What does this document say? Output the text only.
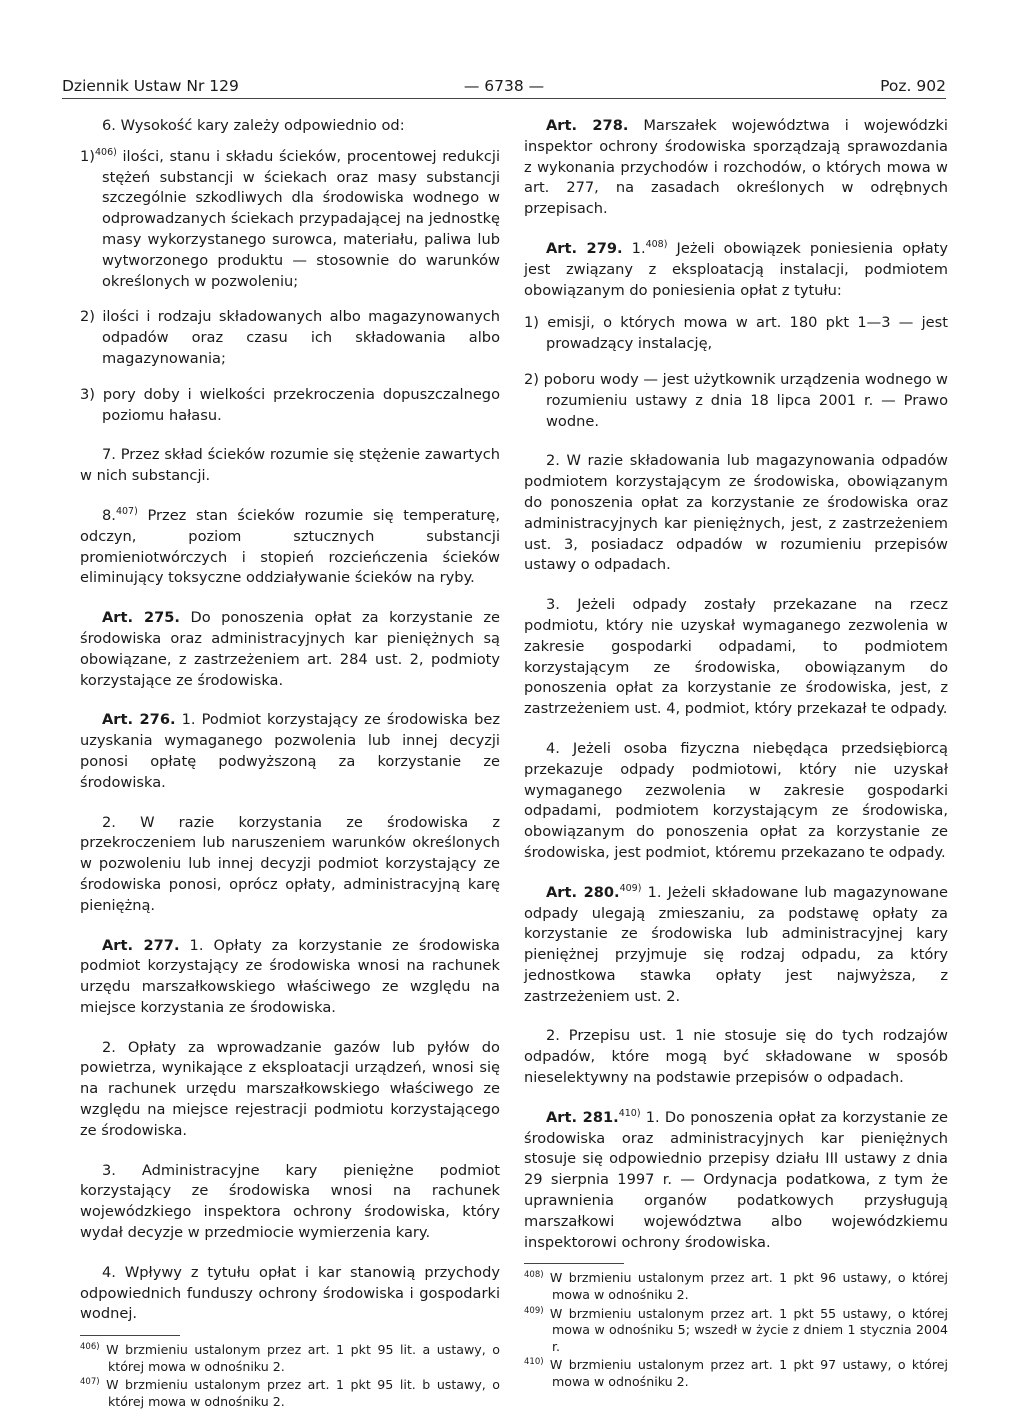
Dziennik Ustaw Nr 129	— 6738 —	Poz. 902

6. Wysokość kary zależy odpowiednio od:

1)$^{406)}$ ilości, stanu i składu ścieków, procentowej redukcji stężeń substancji w ściekach oraz masy substancji szczególnie szkodliwych dla środowiska wodnego w odprowadzanych ściekach przypadającej na jednostkę masy wykorzystanego surowca, materiału, paliwa lub wytworzonego produktu — stosownie do warunków określonych w pozwoleniu;

2) ilości i rodzaju składowanych albo magazynowanych odpadów oraz czasu ich składowania albo magazynowania;

3) pory doby i wielkości przekroczenia dopuszczalnego poziomu hałasu.

7. Przez skład ścieków rozumie się stężenie zawartych w nich substancji.

8.$^{407)}$ Przez stan ścieków rozumie się temperaturę, odczyn, poziom sztucznych substancji promieniotwórczych i stopień rozcieńczenia ścieków eliminujący toksyczne oddziaływanie ścieków na ryby.

Art. 275. Do ponoszenia opłat za korzystanie ze środowiska oraz administracyjnych kar pieniężnych są obowiązane, z zastrzeżeniem art. 284 ust. 2, podmioty korzystające ze środowiska.

Art. 276. 1. Podmiot korzystający ze środowiska bez uzyskania wymaganego pozwolenia lub innej decyzji ponosi opłatę podwyższoną za korzystanie ze środowiska.

2. W razie korzystania ze środowiska z przekroczeniem lub naruszeniem warunków określonych w pozwoleniu lub innej decyzji podmiot korzystający ze środowiska ponosi, oprócz opłaty, administracyjną karę pieniężną.

Art. 277. 1. Opłaty za korzystanie ze środowiska podmiot korzystający ze środowiska wnosi na rachunek urzędu marszałkowskiego właściwego ze względu na miejsce korzystania ze środowiska.

2. Opłaty za wprowadzanie gazów lub pyłów do powietrza, wynikające z eksploatacji urządzeń, wnosi się na rachunek urzędu marszałkowskiego właściwego ze względu na miejsce rejestracji podmiotu korzystającego ze środowiska.

3. Administracyjne kary pieniężne podmiot korzystający ze środowiska wnosi na rachunek wojewódzkiego inspektora ochrony środowiska, który wydał decyzje w przedmiocie wymierzenia kary.

4. Wpływy z tytułu opłat i kar stanowią przychody odpowiednich funduszy ochrony środowiska i gospodarki wodnej.

$^{406)}$ W brzmieniu ustalonym przez art. 1 pkt 95 lit. a ustawy, o której mowa w odnośniku 2.

$^{407)}$ W brzmieniu ustalonym przez art. 1 pkt 95 lit. b ustawy, o której mowa w odnośniku 2.

Art. 278. Marszałek województwa i wojewódzki inspektor ochrony środowiska sporządzają sprawozdania z wykonania przychodów i rozchodów, o których mowa w art. 277, na zasadach określonych w odrębnych przepisach.

Art. 279. 1.$^{408)}$ Jeżeli obowiązek poniesienia opłaty jest związany z eksploatacją instalacji, podmiotem obowiązanym do poniesienia opłat z tytułu:

1) emisji, o których mowa w art. 180 pkt 1—3 — jest prowadzący instalację,

2) poboru wody — jest użytkownik urządzenia wodnego w rozumieniu ustawy z dnia 18 lipca 2001 r. — Prawo wodne.

2. W razie składowania lub magazynowania odpadów podmiotem korzystającym ze środowiska, obowiązanym do ponoszenia opłat za korzystanie ze środowiska oraz administracyjnych kar pieniężnych, jest, z zastrzeżeniem ust. 3, posiadacz odpadów w rozumieniu przepisów ustawy o odpadach.

3. Jeżeli odpady zostały przekazane na rzecz podmiotu, który nie uzyskał wymaganego zezwolenia w zakresie gospodarki odpadami, to podmiotem korzystającym ze środowiska, obowiązanym do ponoszenia opłat za korzystanie ze środowiska, jest, z zastrzeżeniem ust. 4, podmiot, który przekazał te odpady.

4. Jeżeli osoba fizyczna niebędąca przedsiębiorcą przekazuje odpady podmiotowi, który nie uzyskał wymaganego zezwolenia w zakresie gospodarki odpadami, podmiotem korzystającym ze środowiska, obowiązanym do ponoszenia opłat za korzystanie ze środowiska, jest podmiot, któremu przekazano te odpady.

Art. 280.$^{409)}$ 1. Jeżeli składowane lub magazynowane odpady ulegają zmieszaniu, za podstawę opłaty za korzystanie ze środowiska lub administracyjnej kary pieniężnej przyjmuje się rodzaj odpadu, za który jednostkowa stawka opłaty jest najwyższa, z zastrzeżeniem ust. 2.

2. Przepisu ust. 1 nie stosuje się do tych rodzajów odpadów, które mogą być składowane w sposób nieselektywny na podstawie przepisów o odpadach.

Art. 281.$^{410)}$ 1. Do ponoszenia opłat za korzystanie ze środowiska oraz administracyjnych kar pieniężnych stosuje się odpowiednio przepisy działu III ustawy z dnia 29 sierpnia 1997 r. — Ordynacja podatkowa, z tym że uprawnienia organów podatkowych przysługują marszałkowi województwa albo wojewódzkiemu inspektorowi ochrony środowiska.

$^{408)}$ W brzmieniu ustalonym przez art. 1 pkt 96 ustawy, o której mowa w odnośniku 2.

$^{409)}$ W brzmieniu ustalonym przez art. 1 pkt 55 ustawy, o której mowa w odnośniku 5; wszedł w życie z dniem 1 stycznia 2004 r.

$^{410)}$ W brzmieniu ustalonym przez art. 1 pkt 97 ustawy, o której mowa w odnośniku 2.
